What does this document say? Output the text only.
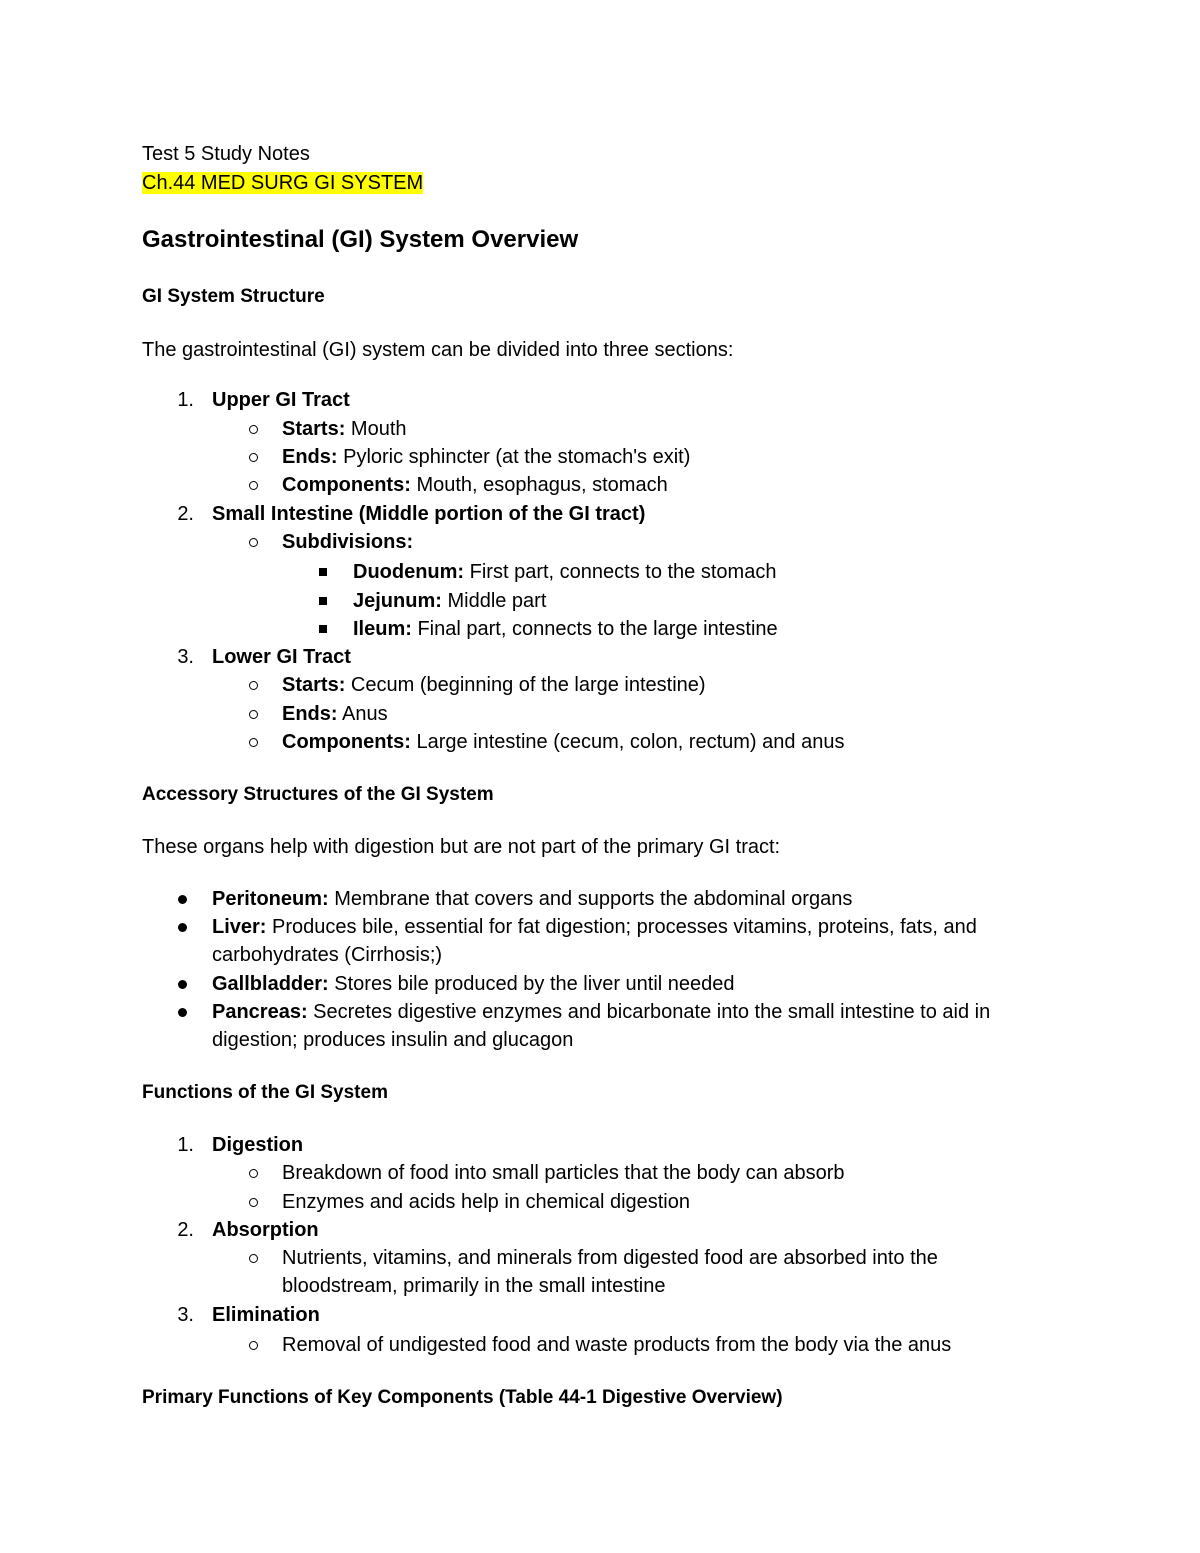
Test 5 Study Notes
Ch.44 MED SURG GI SYSTEM
Gastrointestinal (GI) System Overview
GI System Structure
The gastrointestinal (GI) system can be divided into three sections:
1. Upper GI Tract
Starts: Mouth
Ends: Pyloric sphincter (at the stomach's exit)
Components: Mouth, esophagus, stomach
2. Small Intestine (Middle portion of the GI tract)
Subdivisions:
Duodenum: First part, connects to the stomach
Jejunum: Middle part
Ileum: Final part, connects to the large intestine
3. Lower GI Tract
Starts: Cecum (beginning of the large intestine)
Ends: Anus
Components: Large intestine (cecum, colon, rectum) and anus
Accessory Structures of the GI System
These organs help with digestion but are not part of the primary GI tract:
Peritoneum: Membrane that covers and supports the abdominal organs
Liver: Produces bile, essential for fat digestion; processes vitamins, proteins, fats, and carbohydrates (Cirrhosis;)
Gallbladder: Stores bile produced by the liver until needed
Pancreas: Secretes digestive enzymes and bicarbonate into the small intestine to aid in digestion; produces insulin and glucagon
Functions of the GI System
1. Digestion
Breakdown of food into small particles that the body can absorb
Enzymes and acids help in chemical digestion
2. Absorption
Nutrients, vitamins, and minerals from digested food are absorbed into the bloodstream, primarily in the small intestine
3. Elimination
Removal of undigested food and waste products from the body via the anus
Primary Functions of Key Components (Table 44-1 Digestive Overview)
